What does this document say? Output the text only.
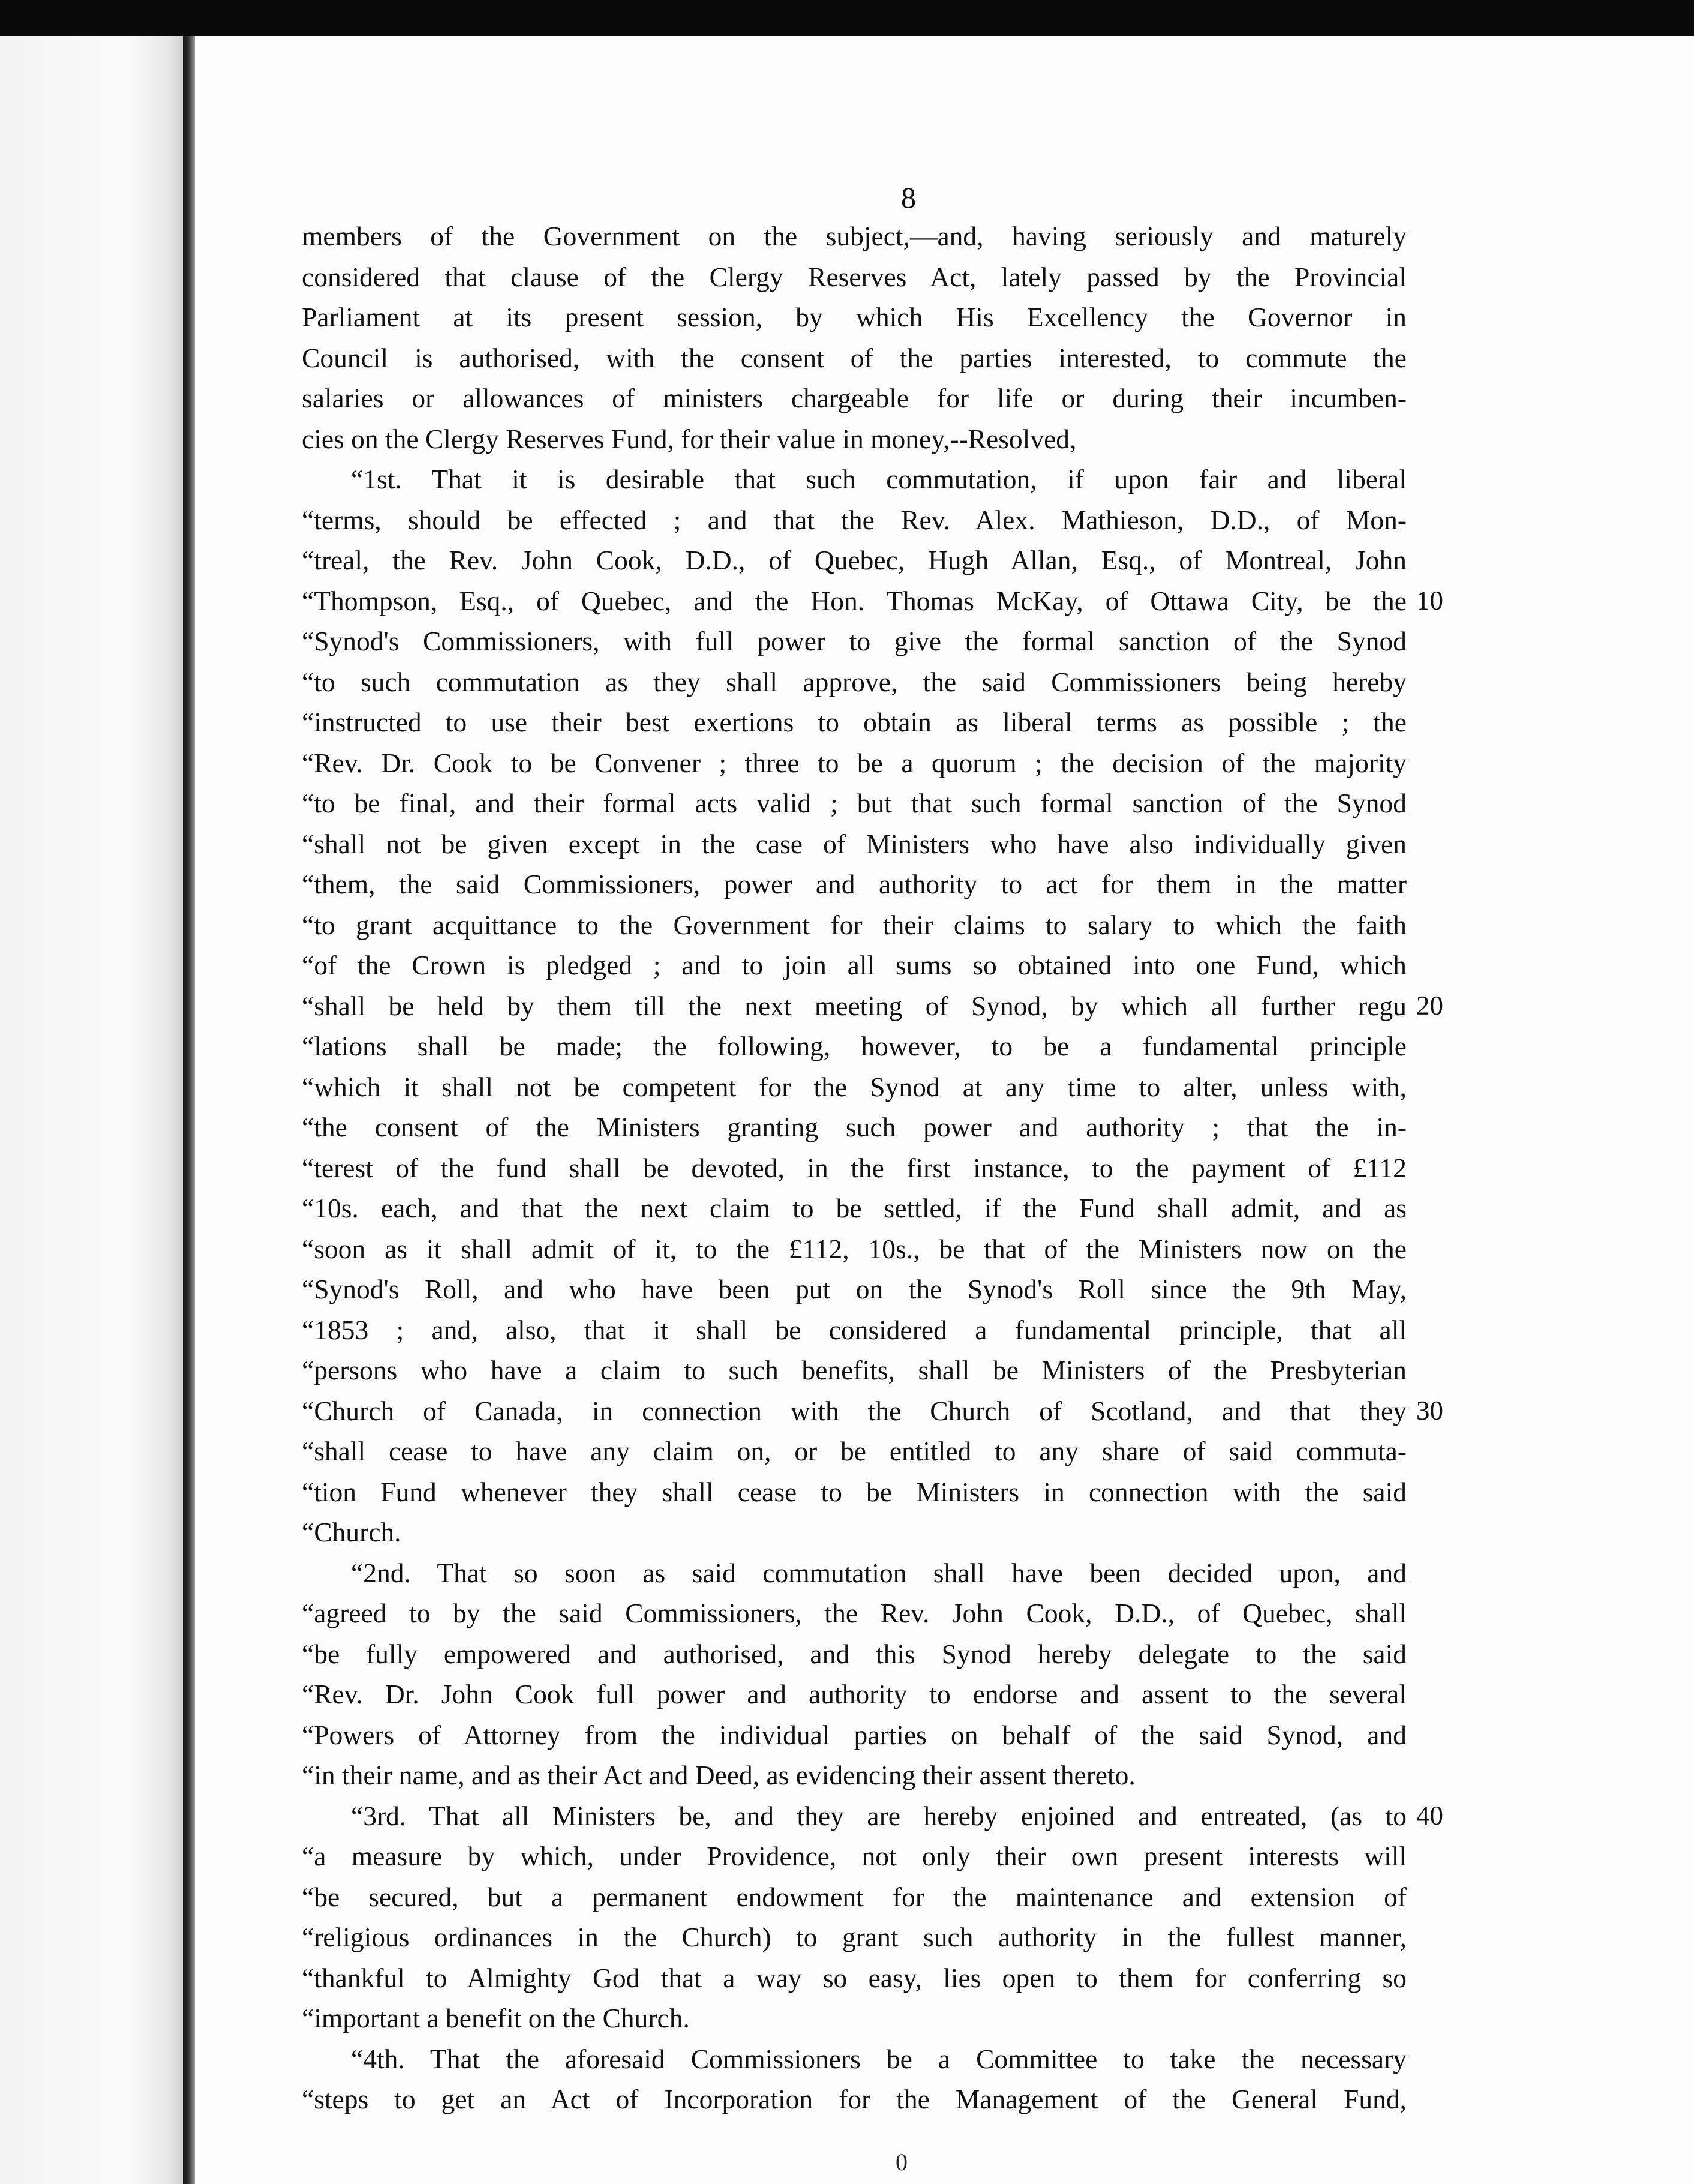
8
members of the Government on the subject,—and, having seriously and maturely
considered that clause of the Clergy Reserves Act, lately passed by the Provincial
Parliament at its present session, by which His Excellency the Governor in
Council is authorised, with the consent of the parties interested, to commute the
salaries or allowances of ministers chargeable for life or during their incumben-
cies on the Clergy Reserves Fund, for their value in money,--Resolved,
“1st. That it is desirable that such commutation, if upon fair and liberal
“terms, should be effected ; and that the Rev. Alex. Mathieson, D.D., of Mon-
“treal, the Rev. John Cook, D.D., of Quebec, Hugh Allan, Esq., of Montreal, John
“Thompson, Esq., of Quebec, and the Hon. Thomas McKay, of Ottawa City, be the 10
“Synod's Commissioners, with full power to give the formal sanction of the Synod
“to such commutation as they shall approve, the said Commissioners being hereby
“instructed to use their best exertions to obtain as liberal terms as possible ; the
“Rev. Dr. Cook to be Convener ; three to be a quorum ; the decision of the majority
“to be final, and their formal acts valid ; but that such formal sanction of the Synod
“shall not be given except in the case of Ministers who have also individually given
“them, the said Commissioners, power and authority to act for them in the matter
“to grant acquittance to the Government for their claims to salary to which the faith
“of the Crown is pledged ; and to join all sums so obtained into one Fund, which
“shall be held by them till the next meeting of Synod, by which all further regu 20
“lations shall be made; the following, however, to be a fundamental principle
“which it shall not be competent for the Synod at any time to alter, unless with,
“the consent of the Ministers granting such power and authority ; that the in-
“terest of the fund shall be devoted, in the first instance, to the payment of £112
“10s. each, and that the next claim to be settled, if the Fund shall admit, and as
“soon as it shall admit of it, to the £112, 10s., be that of the Ministers now on the
“Synod's Roll, and who have been put on the Synod's Roll since the 9th May,
“1853 ; and, also, that it shall be considered a fundamental principle, that all
“persons who have a claim to such benefits, shall be Ministers of the Presbyterian
“Church of Canada, in connection with the Church of Scotland, and that they 30
“shall cease to have any claim on, or be entitled to any share of said commuta-
“tion Fund whenever they shall cease to be Ministers in connection with the said
“Church.
“2nd. That so soon as said commutation shall have been decided upon, and
“agreed to by the said Commissioners, the Rev. John Cook, D.D., of Quebec, shall
“be fully empowered and authorised, and this Synod hereby delegate to the said
“Rev. Dr. John Cook full power and authority to endorse and assent to the several
“Powers of Attorney from the individual parties on behalf of the said Synod, and
“in their name, and as their Act and Deed, as evidencing their assent thereto.
“3rd. That all Ministers be, and they are hereby enjoined and entreated, (as to 40
“a measure by which, under Providence, not only their own present interests will
“be secured, but a permanent endowment for the maintenance and extension of
“religious ordinances in the Church) to grant such authority in the fullest manner,
“thankful to Almighty God that a way so easy, lies open to them for conferring so
“important a benefit on the Church.
“4th. That the aforesaid Commissioners be a Committee to take the necessary
“steps to get an Act of Incorporation for the Management of the General Fund,
0
